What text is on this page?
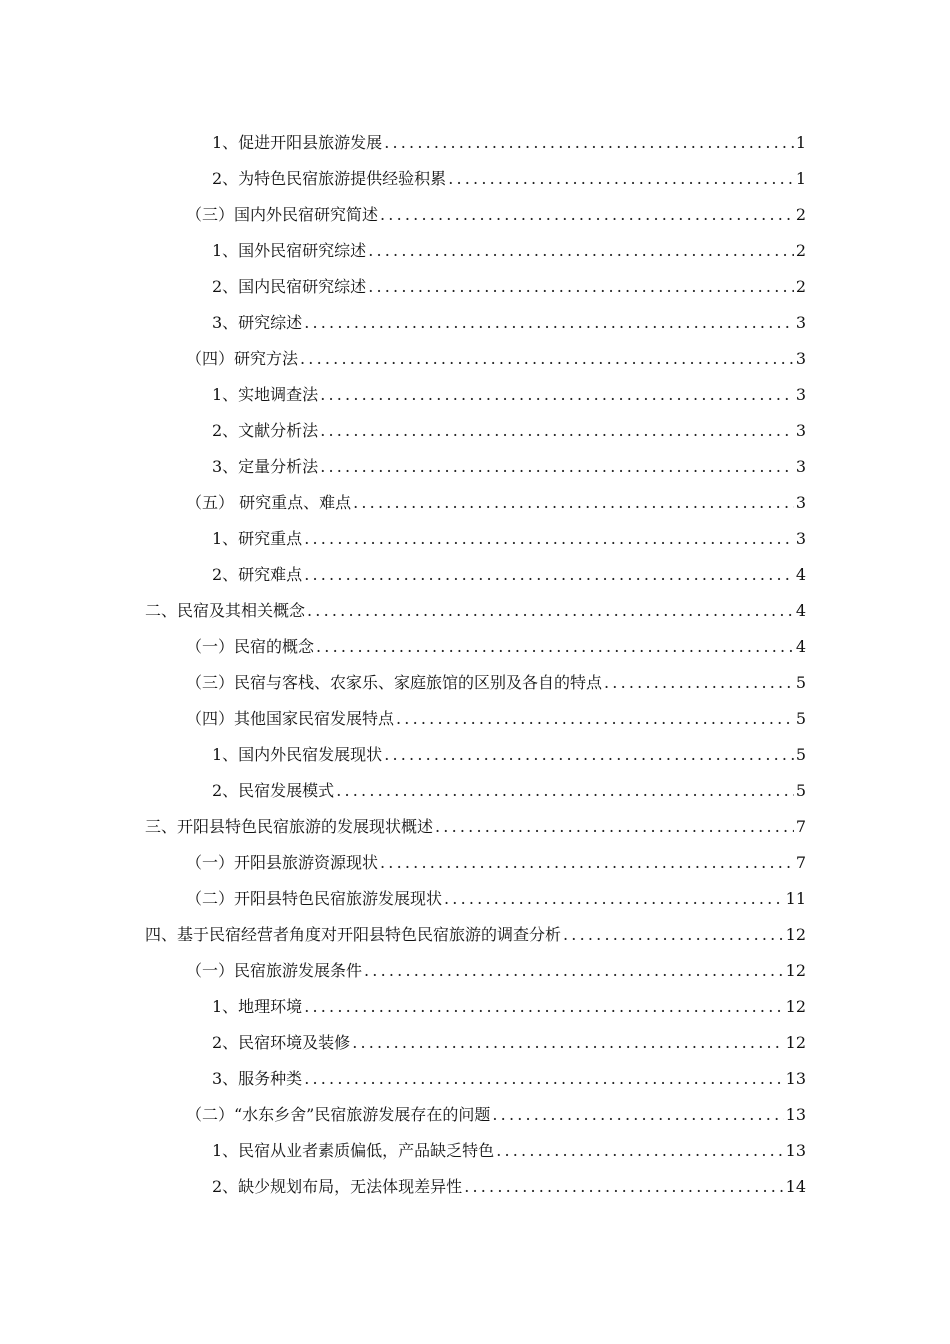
1、促进开阳县旅游发展 .....	1
2、为特色民宿旅游提供经验积累 .....	1
（三）国内外民宿研究简述 .....	2
1、国外民宿研究综述 .....	2
2、国内民宿研究综述 .....	2
3、研究综述 .....	3
（四）研究方法 .....	3
1、实地调查法 .....	3
2、文献分析法 .....	3
3、定量分析法 .....	3
（五） 研究重点、难点 .....	3
1、研究重点 .....	3
2、研究难点 .....	4
二、民宿及其相关概念 .....	4
（一）民宿的概念 .....	4
（三）民宿与客栈、农家乐、家庭旅馆的区别及各自的特点 .....	5
（四）其他国家民宿发展特点 .....	5
1、国内外民宿发展现状 .....	5
2、民宿发展模式 .....	5
三、开阳县特色民宿旅游的发展现状概述 .....	7
（一）开阳县旅游资源现状 .....	7
（二）开阳县特色民宿旅游发展现状 .....	11
四、基于民宿经营者角度对开阳县特色民宿旅游的调查分析 .....	12
（一）民宿旅游发展条件 .....	12
1、地理环境 .....	12
2、民宿环境及装修 .....	12
3、服务种类 .....	13
（二）“水东乡舍”民宿旅游发展存在的问题 .....	13
1、民宿从业者素质偏低，产品缺乏特色 .....	13
2、缺少规划布局，无法体现差异性 .....	14
